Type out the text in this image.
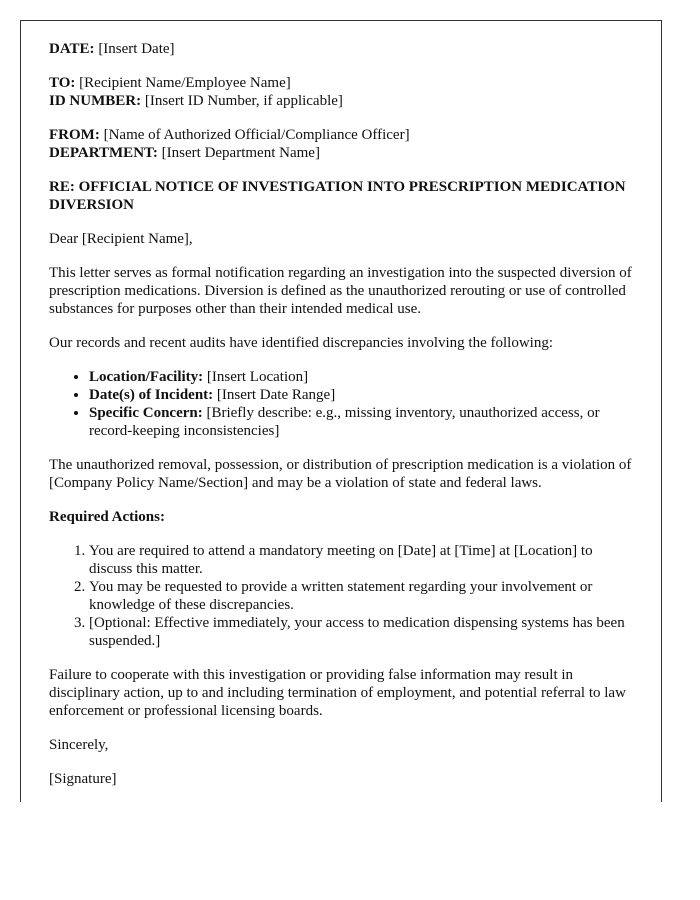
DATE: [Insert Date]

TO: [Recipient Name/Employee Name]
ID NUMBER: [Insert ID Number, if applicable]

FROM: [Name of Authorized Official/Compliance Officer]
DEPARTMENT: [Insert Department Name]

RE: OFFICIAL NOTICE OF INVESTIGATION INTO PRESCRIPTION MEDICATION DIVERSION

Dear [Recipient Name],

This letter serves as formal notification regarding an investigation into the suspected diversion of prescription medications. Diversion is defined as the unauthorized rerouting or use of controlled substances for purposes other than their intended medical use.

Our records and recent audits have identified discrepancies involving the following:

• Location/Facility: [Insert Location]
• Date(s) of Incident: [Insert Date Range]
• Specific Concern: [Briefly describe: e.g., missing inventory, unauthorized access, or record-keeping inconsistencies]

The unauthorized removal, possession, or distribution of prescription medication is a violation of [Company Policy Name/Section] and may be a violation of state and federal laws.

Required Actions:

1. You are required to attend a mandatory meeting on [Date] at [Time] at [Location] to discuss this matter.
2. You may be requested to provide a written statement regarding your involvement or knowledge of these discrepancies.
3. [Optional: Effective immediately, your access to medication dispensing systems has been suspended.]

Failure to cooperate with this investigation or providing false information may result in disciplinary action, up to and including termination of employment, and potential referral to law enforcement or professional licensing boards.

Sincerely,

[Signature]
